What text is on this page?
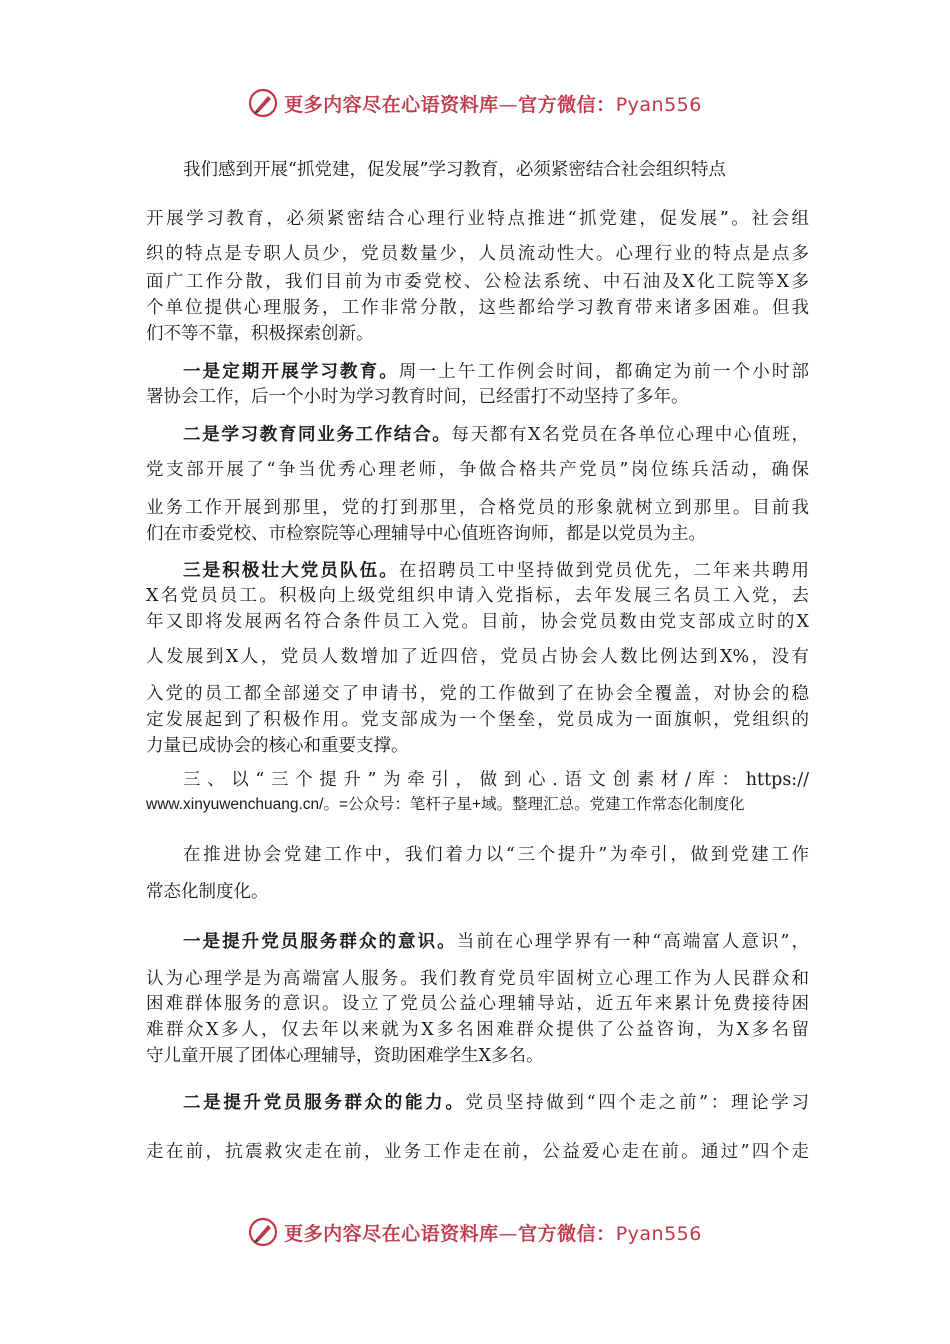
更多内容尽在心语资料库—官方微信：Pyan556
我们感到开展“抓党建，促发展”学习教育，必须紧密结合社会组织特点
开展学习教育，必须紧密结合心理行业特点推进“抓党建，促发展”。社会组
织的特点是专职人员少，党员数量少，人员流动性大。心理行业的特点是点多
面广工作分散，我们目前为市委党校、公检法系统、中石油及X化工院等X多
个单位提供心理服务，工作非常分散，这些都给学习教育带来诸多困难。但我
们不等不靠，积极探索创新。
一是定期开展学习教育。周一上午工作例会时间，都确定为前一个小时部
署协会工作，后一个小时为学习教育时间，已经雷打不动坚持了多年。
二是学习教育同业务工作结合。每天都有X名党员在各单位心理中心值班，
党支部开展了“争当优秀心理老师，争做合格共产党员”岗位练兵活动，确保
业务工作开展到那里，党的打到那里，合格党员的形象就树立到那里。目前我
们在市委党校、市检察院等心理辅导中心值班咨询师，都是以党员为主。
三是积极壮大党员队伍。在招聘员工中坚持做到党员优先，二年来共聘用
X名党员员工。积极向上级党组织申请入党指标，去年发展三名员工入党，去
年又即将发展两名符合条件员工入党。目前，协会党员数由党支部成立时的X
人发展到X人，党员人数增加了近四倍，党员占协会人数比例达到X%，没有
入党的员工都全部递交了申请书，党的工作做到了在协会全覆盖，对协会的稳
定发展起到了积极作用。党支部成为一个堡垒，党员成为一面旗帜，党组织的
力量已成协会的核心和重要支撑。
三、以“三个提升”为牵引，做到心.语文创素材/库：https://
www.xinyuwenchuang.cn/。=公众号：笔杆子星+域。整理汇总。党建工作常态化制度化
在推进协会党建工作中，我们着力以“三个提升”为牵引，做到党建工作
常态化制度化。
一是提升党员服务群众的意识。当前在心理学界有一种“高端富人意识”，
认为心理学是为高端富人服务。我们教育党员牢固树立心理工作为人民群众和
困难群体服务的意识。设立了党员公益心理辅导站，近五年来累计免费接待困
难群众X多人，仅去年以来就为X多名困难群众提供了公益咨询，为X多名留
守儿童开展了团体心理辅导，资助困难学生X多名。
二是提升党员服务群众的能力。党员坚持做到“四个走之前”：理论学习
走在前，抗震救灾走在前，业务工作走在前，公益爱心走在前。通过”四个走
更多内容尽在心语资料库—官方微信：Pyan556
